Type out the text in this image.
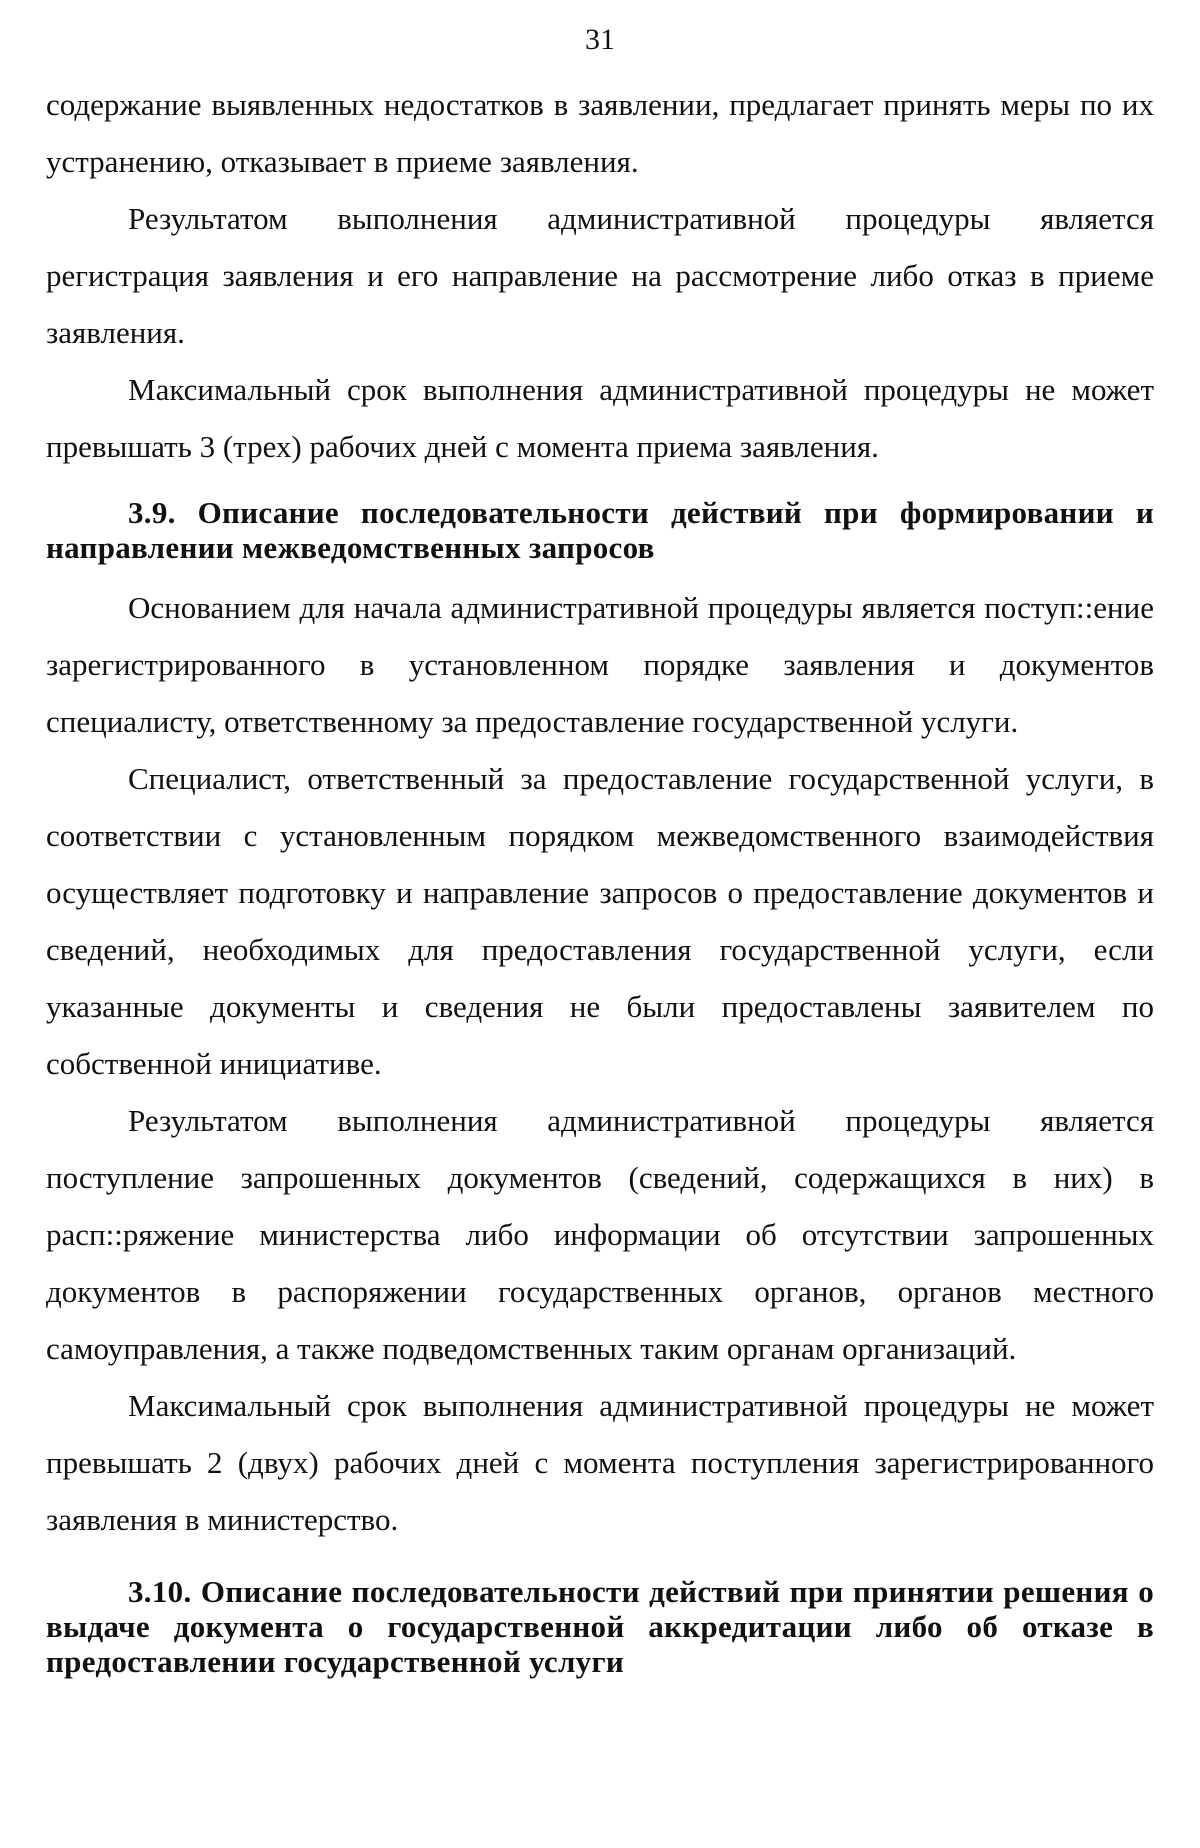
31

содержание выявленных недостатков в заявлении, предлагает принять меры по их устранению, отказывает в приеме заявления.

Результатом выполнения административной процедуры является регистрация заявления и его направление на рассмотрение либо отказ в приеме заявления.

Максимальный срок выполнения административной процедуры не может превышать 3 (трех) рабочих дней с момента приема заявления.

3.9. Описание последовательности действий при формировании и направлении межведомственных запросов

Основанием для начала административной процедуры является поступ::ение зарегистрированного в установленном порядке заявления и документов специалисту, ответственному за предоставление государственной услуги.

Специалист, ответственный за предоставление государственной услуги, в соответствии с установленным порядком межведомственного взаимодействия осуществляет подготовку и направление запросов о предоставление документов и сведений, необходимых для предоставления государственной услуги, если указанные документы и сведения не были предоставлены заявителем по собственной инициативе.

Результатом выполнения административной процедуры является поступление запрошенных документов (сведений, содержащихся в них) в расп::ряжение министерства либо информации об отсутствии запрошенных документов в распоряжении государственных органов, органов местного самоуправления, а также подведомственных таким органам организаций.

Максимальный срок выполнения административной процедуры не может превышать 2 (двух) рабочих дней с момента поступления зарегистрированного заявления в министерство.

3.10. Описание последовательности действий при принятии решения о выдаче документа о государственной аккредитации либо об отказе в предоставлении государственной услуги
